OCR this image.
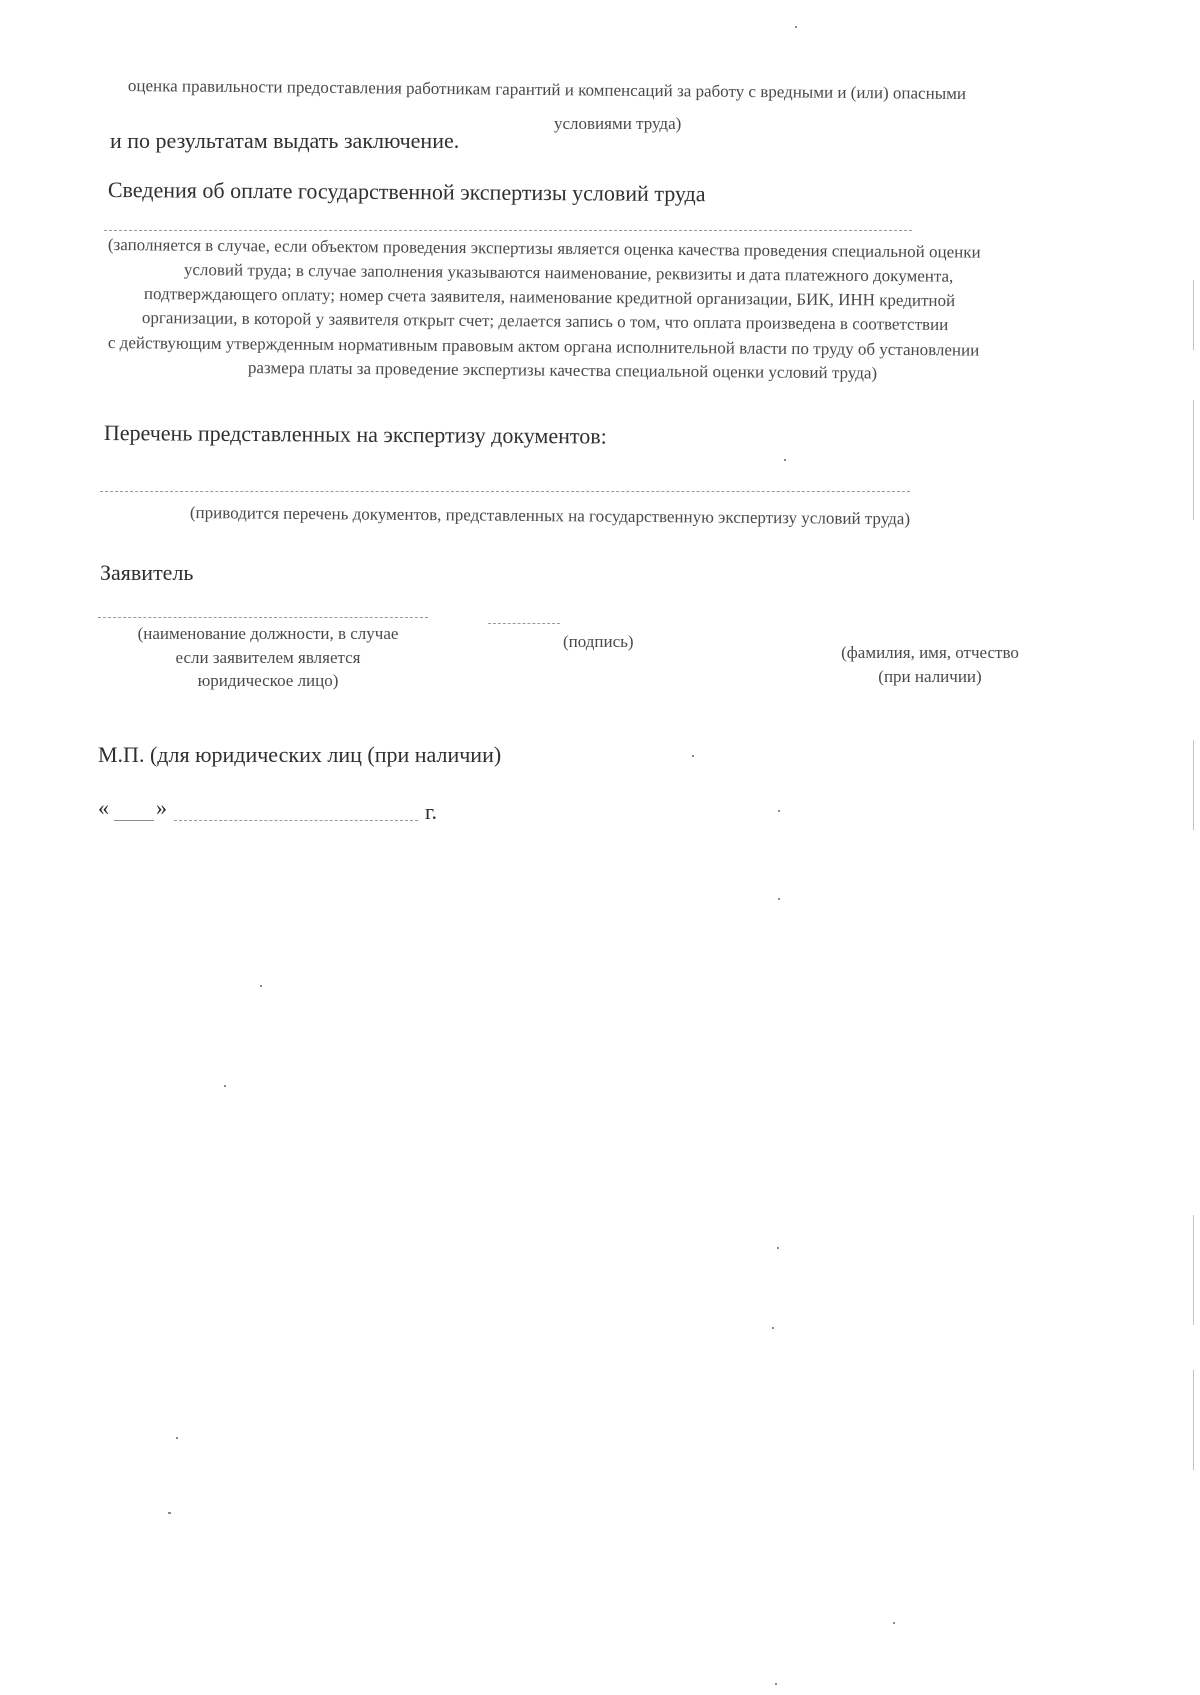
оценка правильности предоставления работникам гарантий и компенсаций за работу с вредными и (или) опасными
условиями труда)
и по результатам выдать заключение.
Сведения об оплате государственной экспертизы условий труда
(заполняется в случае, если объектом проведения экспертизы является оценка качества проведения специальной оценки
условий труда; в случае заполнения указываются наименование, реквизиты и дата платежного документа,
подтверждающего оплату; номер счета заявителя, наименование кредитной организации, БИК, ИНН кредитной
организации, в которой у заявителя открыт счет; делается запись о том, что оплата произведена в соответствии
с действующим утвержденным нормативным правовым актом органа исполнительной власти по труду об установлении
размера платы за проведение экспертизы качества специальной оценки условий труда)
Перечень представленных на экспертизу документов:
(приводится перечень документов, представленных на государственную экспертизу условий труда)
Заявитель
(наименование должности, в случае
если заявителем является
юридическое лицо)
(подпись)
(фамилия, имя, отчество
(при наличии)
М.П. (для юридических лиц (при наличии)
« »	г.
